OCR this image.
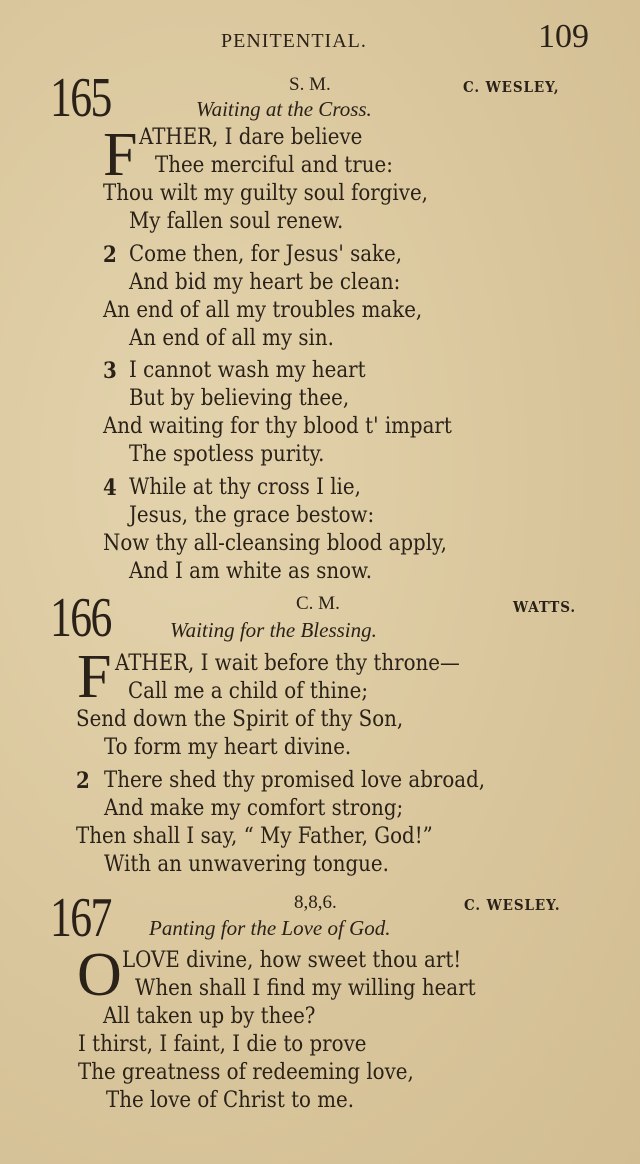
PENITENTIAL.	109
165	S. M.	C. WESLEY,
Waiting at the Cross.
F ATHER, I dare believe
Thee merciful and true:
Thou wilt my guilty soul forgive,
My fallen soul renew.
2 Come then, for Jesus' sake,
And bid my heart be clean:
An end of all my troubles make,
An end of all my sin.
3 I cannot wash my heart
But by believing thee,
And waiting for thy blood t' impart
The spotless purity.
4 While at thy cross I lie,
Jesus, the grace bestow:
Now thy all-cleansing blood apply,
And I am white as snow.
166	C. M.	WATTS.
Waiting for the Blessing.
F ATHER, I wait before thy throne—
Call me a child of thine;
Send down the Spirit of thy Son,
To form my heart divine.
2 There shed thy promised love abroad,
And make my comfort strong;
Then shall I say, “ My Father, God!”
With an unwavering tongue.
167	8,8,6.	C. WESLEY.
Panting for the Love of God.
O LOVE divine, how sweet thou art!
When shall I find my willing heart
All taken up by thee?
I thirst, I faint, I die to prove
The greatness of redeeming love,
The love of Christ to me.
